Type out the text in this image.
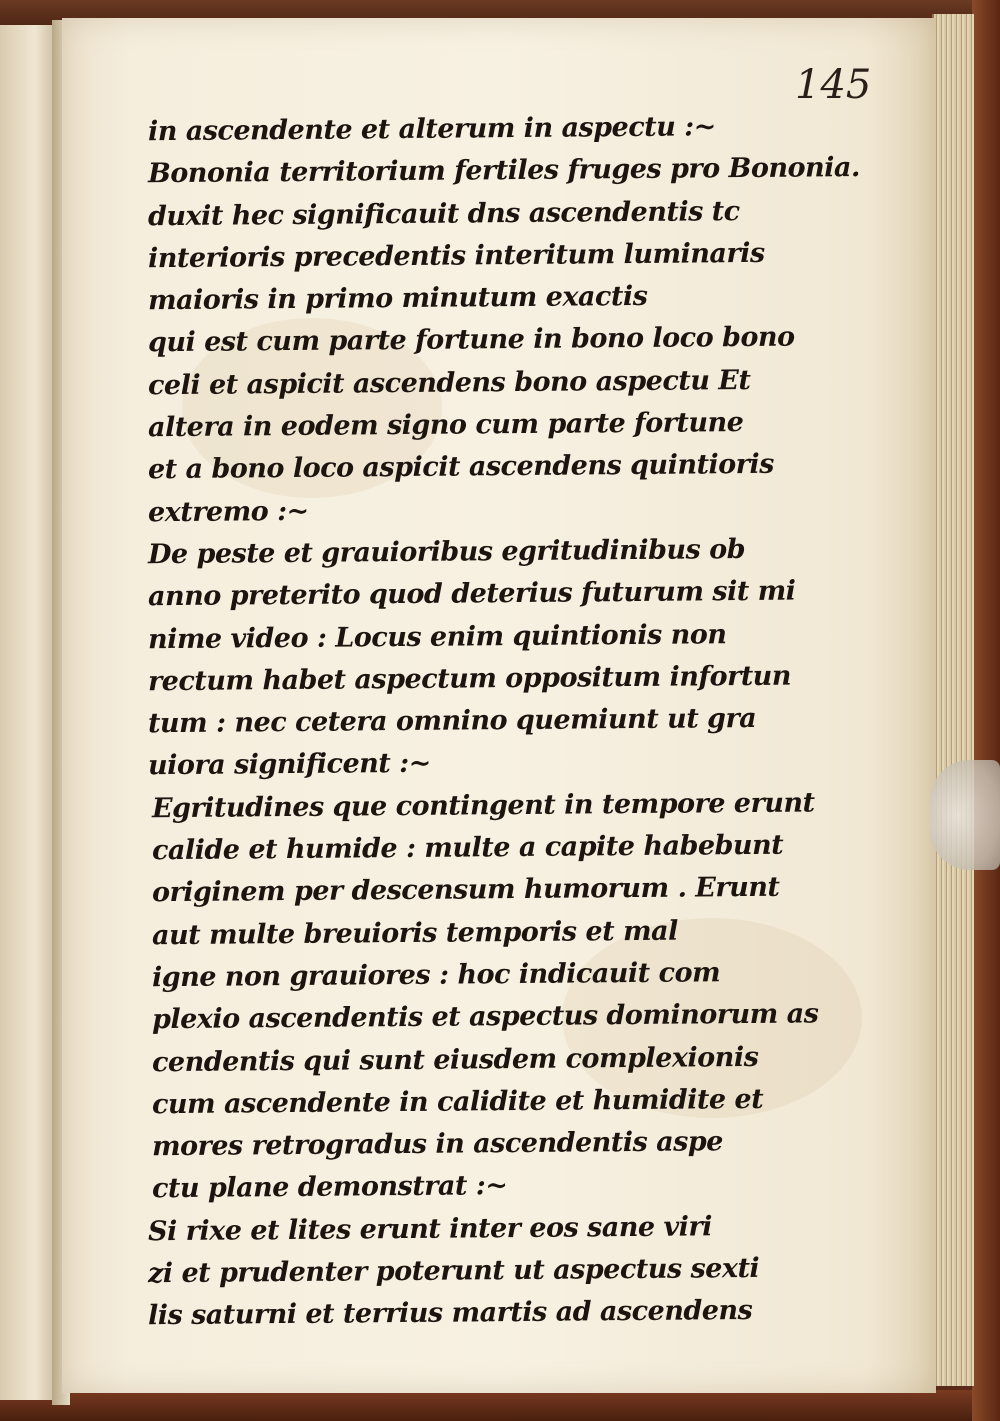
145
in ascendente et alterum in aspectu :~
Bononia territorium fertiles fruges pro Bononia.
duxit hec significauit dns ascendentis tc
interioris precedentis interitum luminaris
maioris in primo minutum exactis
qui est cum parte fortune in bono loco bono
celi et aspicit ascendens bono aspectu Et
altera in eodem signo cum parte fortune
et a bono loco aspicit ascendens quintioris
extremo :~
De peste et grauioribus egritudinibus ob
anno preterito quod deterius futurum sit mi
nime video : Locus enim quintionis non
rectum habet aspectum oppositum infortun
tum : nec cetera omnino quemiunt ut gra
uiora significent :~
Egritudines que contingent in tempore erunt
calide et humide : multe a capite habebunt
originem per descensum humorum . Erunt
aut multe breuioris temporis et mal
igne non grauiores : hoc indicauit com
plexio ascendentis et aspectus dominorum as
cendentis qui sunt eiusdem complexionis
cum ascendente in calidite et humidite et
mores retrogradus in ascendentis aspe
ctu plane demonstrat :~
Si rixe et lites erunt inter eos sane viri
zi et prudenter poterunt ut aspectus sexti
lis saturni et terrius martis ad ascendens
